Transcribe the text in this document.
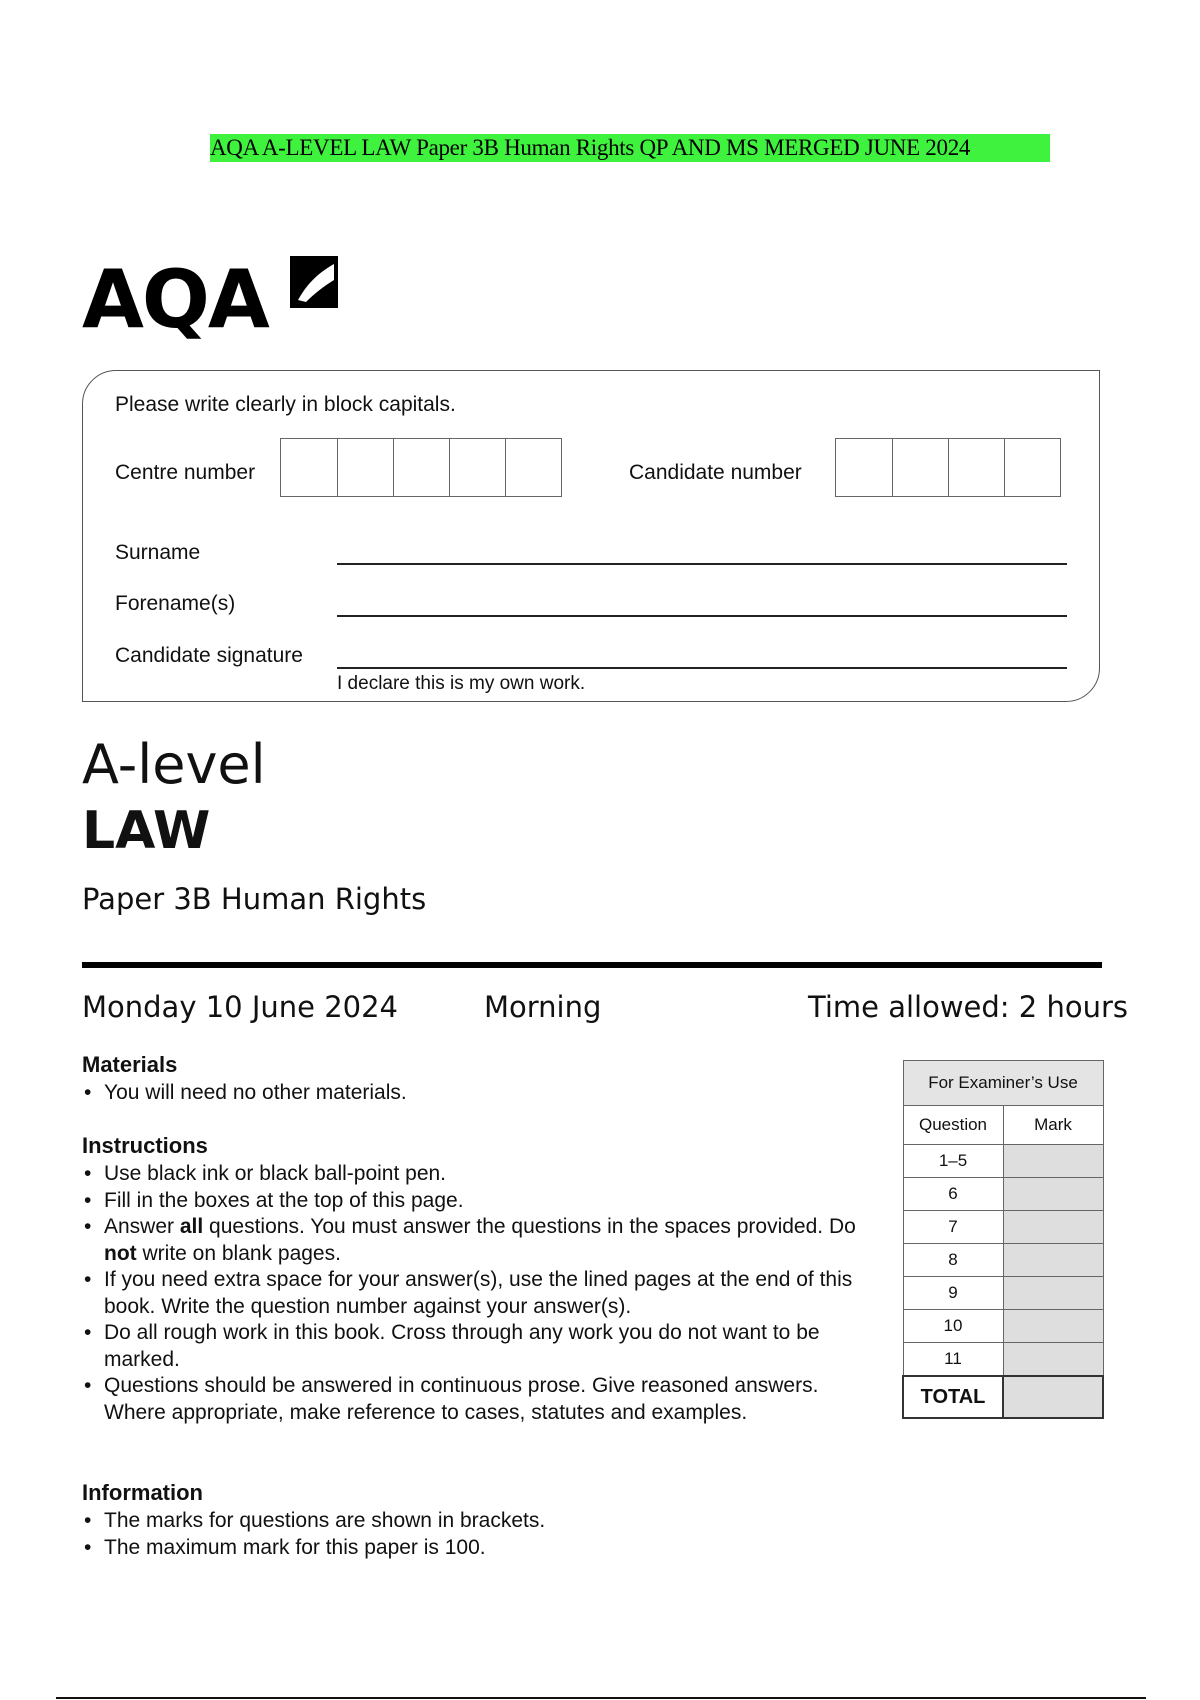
AQA A-LEVEL LAW Paper 3B Human Rights QP AND MS MERGED JUNE 2024
AQA
Please write clearly in block capitals.
Centre number	Candidate number
Surname
Forename(s)
Candidate signature
I declare this is my own work.
A-level
LAW
Paper 3B Human Rights
Monday 10 June 2024	Morning	Time allowed: 2 hours
Materials
• You will need no other materials.
Instructions
• Use black ink or black ball-point pen.
• Fill in the boxes at the top of this page.
• Answer all questions. You must answer the questions in the spaces provided. Do not write on blank pages.
• If you need extra space for your answer(s), use the lined pages at the end of this book. Write the question number against your answer(s).
• Do all rough work in this book. Cross through any work you do not want to be marked.
• Questions should be answered in continuous prose. Give reasoned answers. Where appropriate, make reference to cases, statutes and examples.
Information
• The marks for questions are shown in brackets.
• The maximum mark for this paper is 100.
For Examiner’s Use	
Question	Mark
1–5	
6	
7	
8	
9	
10	
11	
TOTAL	
